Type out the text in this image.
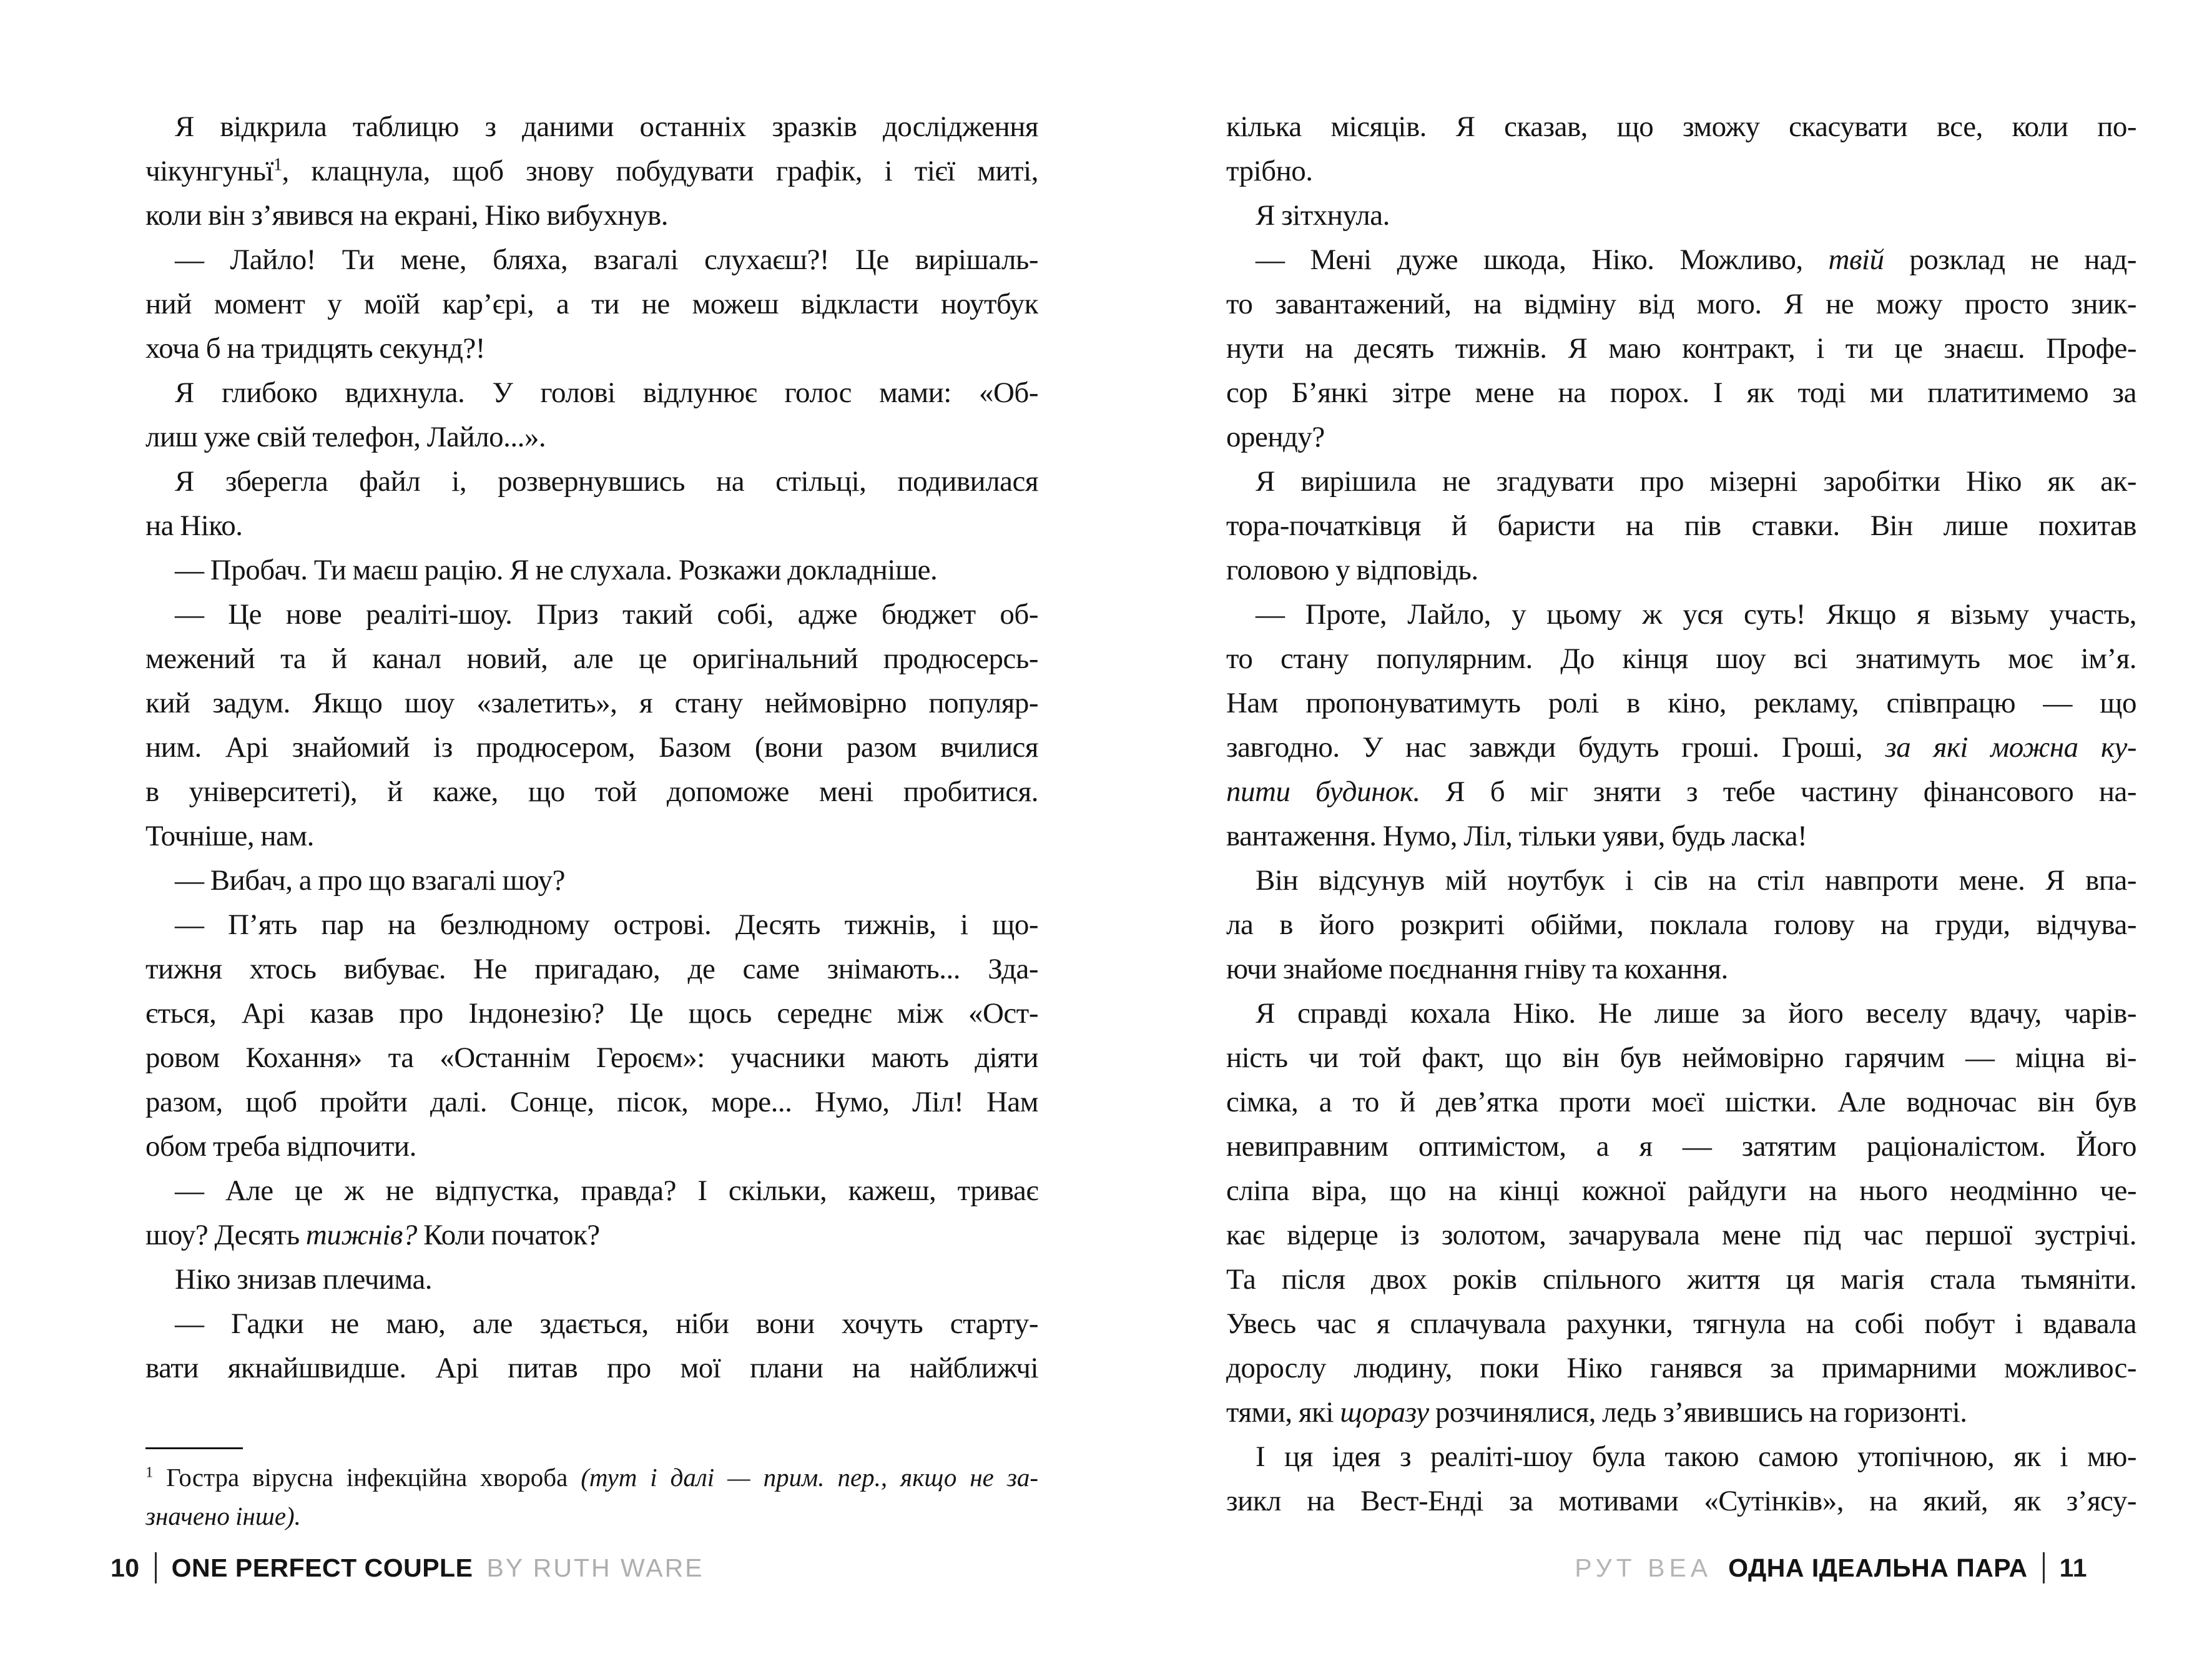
Я відкрила таблицю з даними останніх зразків дослідження
чікунгуньї$^1$, клацнула, щоб знову побудувати графік, і тієї миті,
коли він з’явився на екрані, Ніко вибухнув.
— Лайло! Ти мене, бляха, взагалі слухаєш?! Це вирішаль-
ний момент у моїй кар’єрі, а ти не можеш відкласти ноутбук
хоча б на тридцять секунд?!
Я глибоко вдихнула. У голові відлунює голос мами: «Об-
лиш уже свій телефон, Лайло...».
Я зберегла файл і, розвернувшись на стільці, подивилася
на Ніко.
— Пробач. Ти маєш рацію. Я не слухала. Розкажи докладніше.
— Це нове реаліті-шоу. Приз такий собі, адже бюджет об-
межений та й канал новий, але це оригінальний продюсерсь-
кий задум. Якщо шоу «залетить», я стану неймовірно популяр-
ним. Арі знайомий із продюсером, Базом (вони разом вчилися
в університеті), й каже, що той допоможе мені пробитися.
Точніше, нам.
— Вибач, а про що взагалі шоу?
— П’ять пар на безлюдному острові. Десять тижнів, і що-
тижня хтось вибуває. Не пригадаю, де саме знімають... Зда-
ється, Арі казав про Індонезію? Це щось середнє між «Ост-
ровом Кохання» та «Останнім Героєм»: учасники мають діяти
разом, щоб пройти далі. Сонце, пісок, море... Нумо, Ліл! Нам
обом треба відпочити.
— Але це ж не відпустка, правда? І скільки, кажеш, триває
шоу? Десять тижнів? Коли початок?
Ніко знизав плечима.
— Гадки не маю, але здається, ніби вони хочуть старту-
вати якнайшвидше. Арі питав про мої плани на найближчі
$^1$ Гостра вірусна інфекційна хвороба (тут і далі — прим. пер., якщо не за-
значено інше).
кілька місяців. Я сказав, що зможу скасувати все, коли по-
трібно.
Я зітхнула.
— Мені дуже шкода, Ніко. Можливо, твій розклад не над-
то завантажений, на відміну від мого. Я не можу просто зник-
нути на десять тижнів. Я маю контракт, і ти це знаєш. Профе-
сор Б’янкі зітре мене на порох. І як тоді ми платитимемо за
оренду?
Я вирішила не згадувати про мізерні заробітки Ніко як ак-
тора-початківця й баристи на пів ставки. Він лише похитав
головою у відповідь.
— Проте, Лайло, у цьому ж уся суть! Якщо я візьму участь,
то стану популярним. До кінця шоу всі знатимуть моє ім’я.
Нам пропонуватимуть ролі в кіно, рекламу, співпрацю — що
завгодно. У нас завжди будуть гроші. Гроші, за які можна ку-
пити будинок. Я б міг зняти з тебе частину фінансового на-
вантаження. Нумо, Ліл, тільки уяви, будь ласка!
Він відсунув мій ноутбук і сів на стіл навпроти мене. Я впа-
ла в його розкриті обійми, поклала голову на груди, відчува-
ючи знайоме поєднання гніву та кохання.
Я справді кохала Ніко. Не лише за його веселу вдачу, чарів-
ність чи той факт, що він був неймовірно гарячим — міцна ві-
сімка, а то й дев’ятка проти моєї шістки. Але водночас він був
невиправним оптимістом, а я — затятим раціоналістом. Його
сліпа віра, що на кінці кожної райдуги на нього неодмінно че-
кає відерце із золотом, зачарувала мене під час першої зустрічі.
Та після двох років спільного життя ця магія стала тьмяніти.
Увесь час я сплачувала рахунки, тягнула на собі побут і вдавала
дорослу людину, поки Ніко ганявся за примарними можливос-
тями, які щоразу розчинялися, ледь з’явившись на горизонті.
І ця ідея з реаліті-шоу була такою самою утопічною, як і мю-
зикл на Вест-Енді за мотивами «Сутінків», на який, як з’ясу-
10 ONE PERFECT COUPLE BY RUTH WARE	РУТ ВЕА ОДНА ІДЕАЛЬНА ПАРА 11
